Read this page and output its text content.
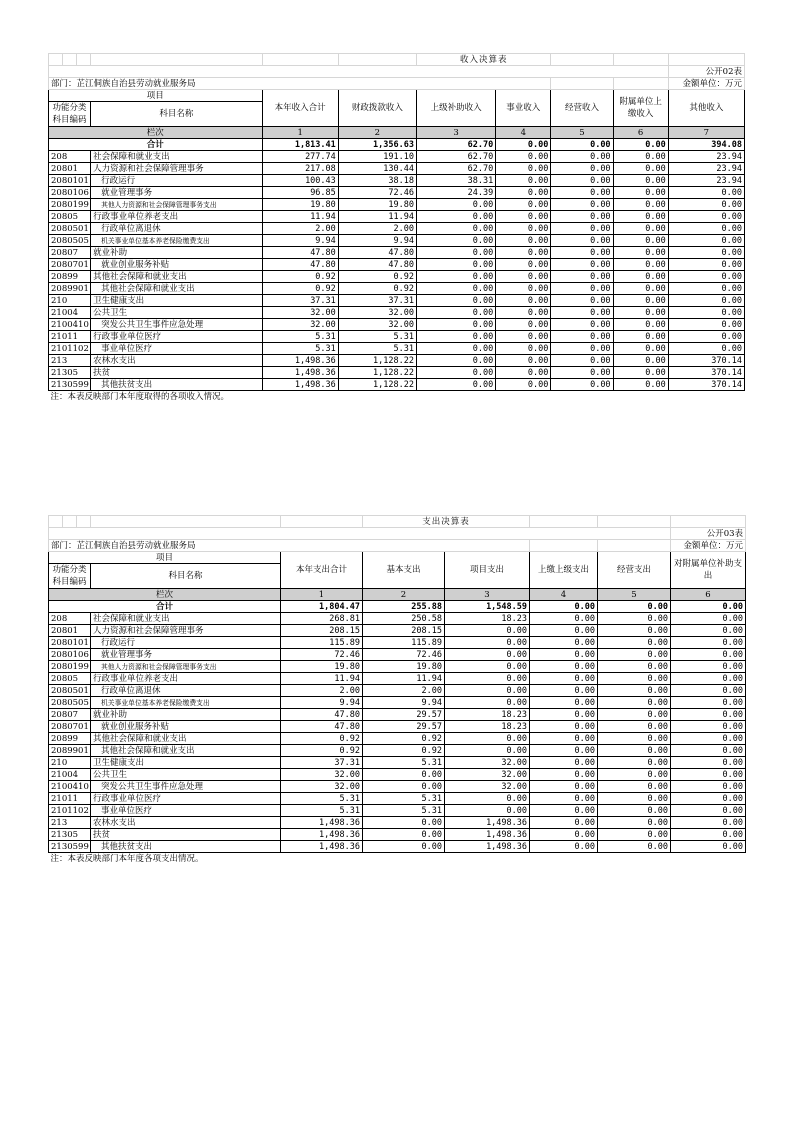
						收入决算表				
										公开02表
部门：芷江侗族自治县劳动就业服务局										金额单位：万元
项目				本年收入合计	财政拨款收入	上级补助收入	事业收入	经营收入	附属单位上缴收入	其他收入
功能分类科目编码			科目名称							
栏次				1	2	3	4	5	6	7
合计				1,813.41	1,356.63	62.70	0.00	0.00	0.00	394.08
208			社会保障和就业支出	277.74	191.10	62.70	0.00	0.00	0.00	23.94
20801			人力资源和社会保障管理事务	217.08	130.44	62.70	0.00	0.00	0.00	23.94
2080101			行政运行	100.43	38.18	38.31	0.00	0.00	0.00	23.94
2080106			就业管理事务	96.85	72.46	24.39	0.00	0.00	0.00	0.00
2080199			其他人力资源和社会保障管理事务支出	19.80	19.80	0.00	0.00	0.00	0.00	0.00
20805			行政事业单位养老支出	11.94	11.94	0.00	0.00	0.00	0.00	0.00
2080501			行政单位离退休	2.00	2.00	0.00	0.00	0.00	0.00	0.00
2080505			机关事业单位基本养老保险缴费支出	9.94	9.94	0.00	0.00	0.00	0.00	0.00
20807			就业补助	47.80	47.80	0.00	0.00	0.00	0.00	0.00
2080701			就业创业服务补贴	47.80	47.80	0.00	0.00	0.00	0.00	0.00
20899			其他社会保障和就业支出	0.92	0.92	0.00	0.00	0.00	0.00	0.00
2089901			其他社会保障和就业支出	0.92	0.92	0.00	0.00	0.00	0.00	0.00
210			卫生健康支出	37.31	37.31	0.00	0.00	0.00	0.00	0.00
21004			公共卫生	32.00	32.00	0.00	0.00	0.00	0.00	0.00
2100410			突发公共卫生事件应急处理	32.00	32.00	0.00	0.00	0.00	0.00	0.00
21011			行政事业单位医疗	5.31	5.31	0.00	0.00	0.00	0.00	0.00
2101102			事业单位医疗	5.31	5.31	0.00	0.00	0.00	0.00	0.00
213			农林水支出	1,498.36	1,128.22	0.00	0.00	0.00	0.00	370.14
21305			扶贫	1,498.36	1,128.22	0.00	0.00	0.00	0.00	370.14
2130599			其他扶贫支出	1,498.36	1,128.22	0.00	0.00	0.00	0.00	370.14
注：本表反映部门本年度取得的各项收入情况。										
					支出决算表				
									公开03表
部门：芷江侗族自治县劳动就业服务局									金额单位：万元
项目				本年支出合计	基本支出	项目支出	上缴上级支出	经营支出	对附属单位补助支出
功能分类科目编码			科目名称						
栏次				1	2	3	4	5	6
合计				1,804.47	255.88	1,548.59	0.00	0.00	0.00
208			社会保障和就业支出	268.81	250.58	18.23	0.00	0.00	0.00
20801			人力资源和社会保障管理事务	208.15	208.15	0.00	0.00	0.00	0.00
2080101			行政运行	115.89	115.89	0.00	0.00	0.00	0.00
2080106			就业管理事务	72.46	72.46	0.00	0.00	0.00	0.00
2080199			其他人力资源和社会保障管理事务支出	19.80	19.80	0.00	0.00	0.00	0.00
20805			行政事业单位养老支出	11.94	11.94	0.00	0.00	0.00	0.00
2080501			行政单位离退休	2.00	2.00	0.00	0.00	0.00	0.00
2080505			机关事业单位基本养老保险缴费支出	9.94	9.94	0.00	0.00	0.00	0.00
20807			就业补助	47.80	29.57	18.23	0.00	0.00	0.00
2080701			就业创业服务补贴	47.80	29.57	18.23	0.00	0.00	0.00
20899			其他社会保障和就业支出	0.92	0.92	0.00	0.00	0.00	0.00
2089901			其他社会保障和就业支出	0.92	0.92	0.00	0.00	0.00	0.00
210			卫生健康支出	37.31	5.31	32.00	0.00	0.00	0.00
21004			公共卫生	32.00	0.00	32.00	0.00	0.00	0.00
2100410			突发公共卫生事件应急处理	32.00	0.00	32.00	0.00	0.00	0.00
21011			行政事业单位医疗	5.31	5.31	0.00	0.00	0.00	0.00
2101102			事业单位医疗	5.31	5.31	0.00	0.00	0.00	0.00
213			农林水支出	1,498.36	0.00	1,498.36	0.00	0.00	0.00
21305			扶贫	1,498.36	0.00	1,498.36	0.00	0.00	0.00
2130599			其他扶贫支出	1,498.36	0.00	1,498.36	0.00	0.00	0.00
注：本表反映部门本年度各项支出情况。									
